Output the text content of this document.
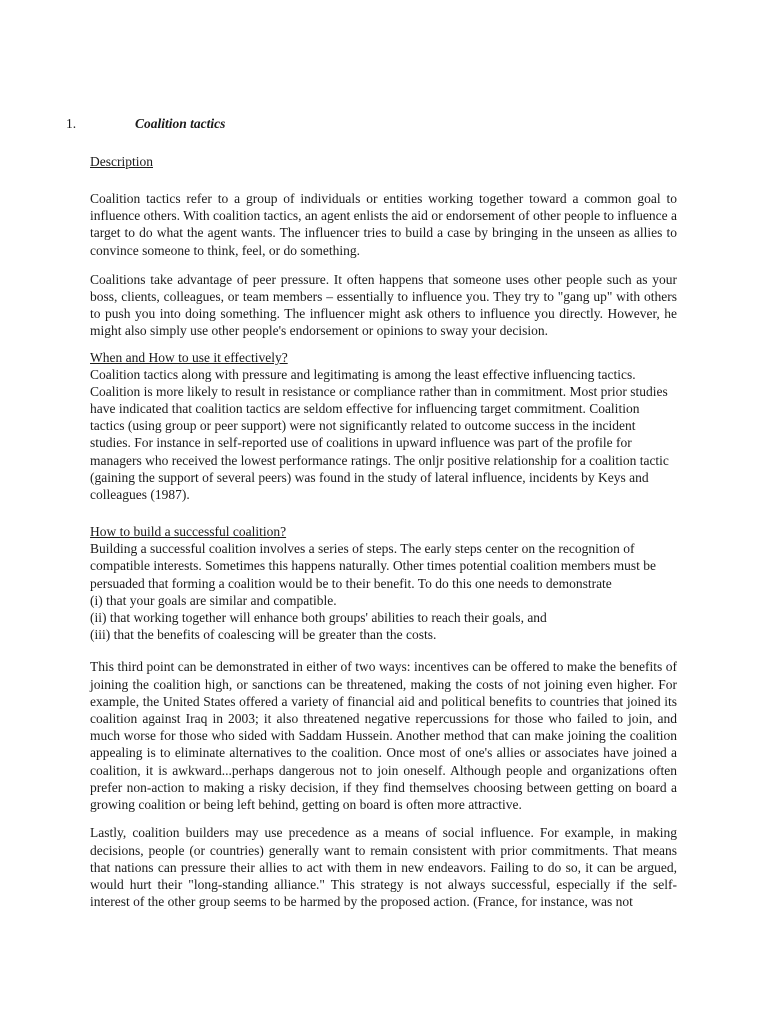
1.	Coalition tactics

Description

Coalition tactics refer to a group of individuals or entities working together toward a common goal to influence others. With coalition tactics, an agent enlists the aid or endorsement of other people to influence a target to do what the agent wants. The influencer tries to build a case by bringing in the unseen as allies to convince someone to think, feel, or do something.

Coalitions take advantage of peer pressure. It often happens that someone uses other people such as your boss, clients, colleagues, or team members – essentially to influence you. They try to "gang up" with others to push you into doing something. The influencer might ask others to influence you directly. However, he might also simply use other people's endorsement or opinions to sway your decision.

When and How to use it effectively?

Coalition tactics along with pressure and legitimating is among the least effective influencing tactics. Coalition is more likely to result in resistance or compliance rather than in commitment. Most prior studies have indicated that coalition tactics are seldom effective for influencing target commitment. Coalition tactics (using group or peer support) were not significantly related to outcome success in the incident studies. For instance in self-reported use of coalitions in upward influence was part of the profile for managers who received the lowest performance ratings. The onljr positive relationship for a coalition tactic (gaining the support of several peers) was found in the study of lateral influence, incidents by Keys and colleagues (1987).

How to build a successful coalition?

Building a successful coalition involves a series of steps. The early steps center on the recognition of compatible interests. Sometimes this happens naturally. Other times potential coalition members must be persuaded that forming a coalition would be to their benefit. To do this one needs to demonstrate

(i) that your goals are similar and compatible.

(ii) that working together will enhance both groups' abilities to reach their goals, and

(iii) that the benefits of coalescing will be greater than the costs.

This third point can be demonstrated in either of two ways: incentives can be offered to make the benefits of joining the coalition high, or sanctions can be threatened, making the costs of not joining even higher. For example, the United States offered a variety of financial aid and political benefits to countries that joined its coalition against Iraq in 2003; it also threatened negative repercussions for those who failed to join, and much worse for those who sided with Saddam Hussein. Another method that can make joining the coalition appealing is to eliminate alternatives to the coalition. Once most of one's allies or associates have joined a coalition, it is awkward...perhaps dangerous not to join oneself. Although people and organizations often prefer non-action to making a risky decision, if they find themselves choosing between getting on board a growing coalition or being left behind, getting on board is often more attractive.

Lastly, coalition builders may use precedence as a means of social influence. For example, in making decisions, people (or countries) generally want to remain consistent with prior commitments. That means that nations can pressure their allies to act with them in new endeavors. Failing to do so, it can be argued, would hurt their "long-standing alliance." This strategy is not always successful, especially if the self-interest of the other group seems to be harmed by the proposed action. (France, for instance, was not
